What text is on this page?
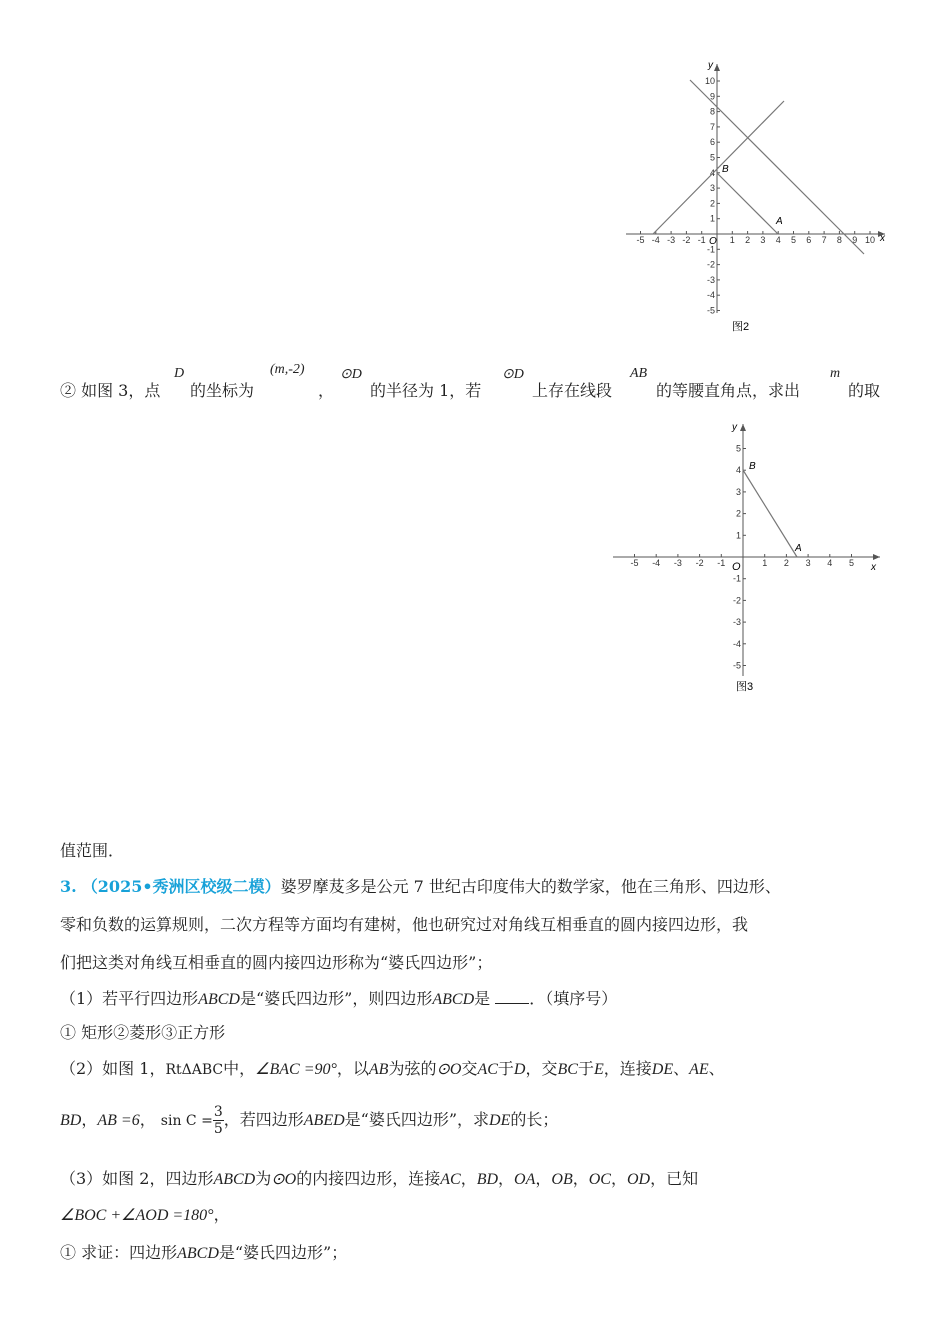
-5 -4 -3 -2 -1	1 2 3 4 5 6 7 8 9 10
10
9
8
7
6
5
4
3
2
1
-1
-2
-3
-4
-5
B
A
O	x
y
图2
② 如图 3，点
D
的坐标为
(m,-2)
，
⊙D
的半径为 1，若
⊙D
上存在线段
AB
的等腰直角点，求出
m
的取
-5 -4 -3 -2 -1	1 2 3 4 5
5
4
3
2
1
-1
-2
-3
-4
-5
B
A
O	x
y
图3
值范围．
3. （2025•秀洲区校级二模）婆罗摩芨多是公元 7 世纪古印度伟大的数学家，他在三角形、四边形、
零和负数的运算规则，二次方程等方面均有建树，他也研究过对角线互相垂直的圆内接四边形，我
们把这类对角线互相垂直的圆内接四边形称为“婆氏四边形”；
（1）若平行四边形ABCD是“婆氏四边形”，则四边形ABCD是 ．（填序号）
① 矩形②菱形③正方形
（2）如图 1，RtΔABC中，∠BAC =90°，以AB为弦的⊙O交AC于D，交BC于E，连接DE、AE、
BD，AB =6， $\sin C = \frac{3}{5}$ ，若四边形ABED是“婆氏四边形”，求DE的长；
（3）如图 2，四边形ABCD为⊙O的内接四边形，连接AC，BD，OA，OB，OC，OD，已知
∠BOC +∠AOD =180°，
① 求证：四边形ABCD是“婆氏四边形”；
